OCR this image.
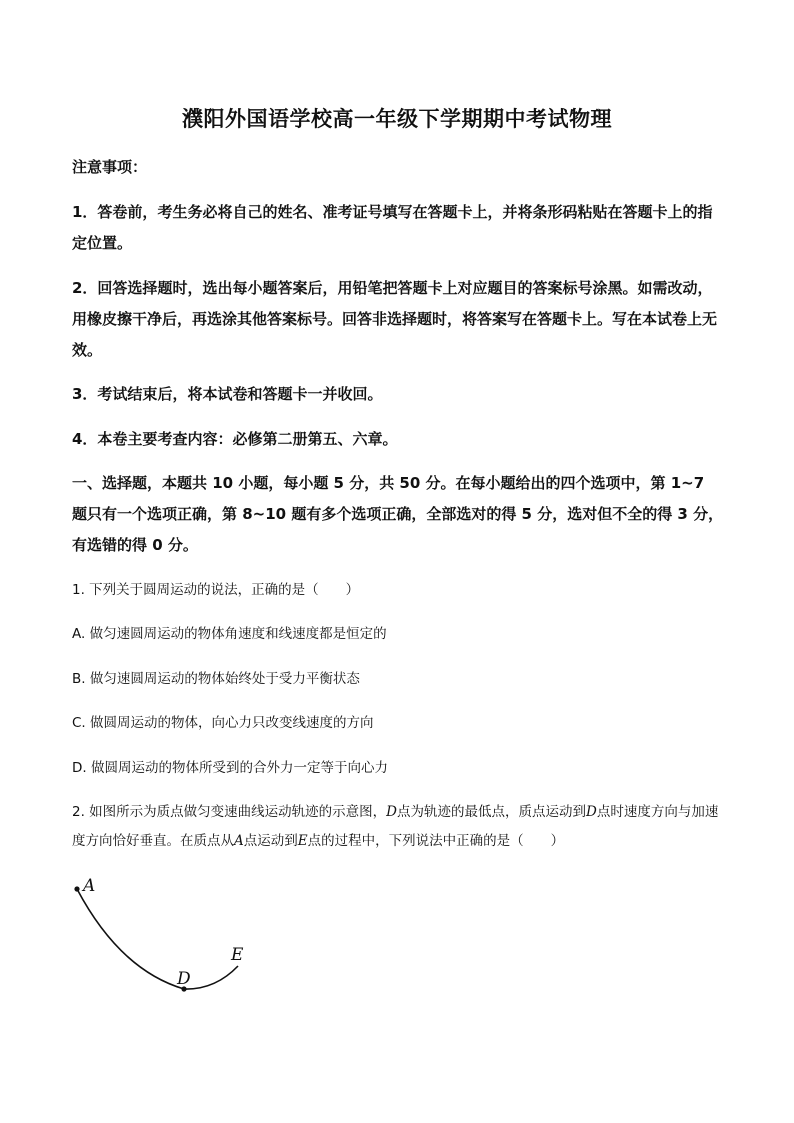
濮阳外国语学校高一年级下学期期中考试物理
注意事项：
1．答卷前，考生务必将自己的姓名、准考证号填写在答题卡上，并将条形码粘贴在答题卡上的指定位置。
2．回答选择题时，选出每小题答案后，用铅笔把答题卡上对应题目的答案标号涂黑。如需改动，用橡皮擦干净后，再选涂其他答案标号。回答非选择题时，将答案写在答题卡上。写在本试卷上无效。
3．考试结束后，将本试卷和答题卡一并收回。
4．本卷主要考查内容：必修第二册第五、六章。
一、选择题，本题共 10 小题，每小题 5 分，共 50 分。在每小题给出的四个选项中，第 1~7 题只有一个选项正确，第 8~10 题有多个选项正确，全部选对的得 5 分，选对但不全的得 3 分，有选错的得 0 分。
1. 下列关于圆周运动的说法，正确的是（　　）
A. 做匀速圆周运动的物体角速度和线速度都是恒定的
B. 做匀速圆周运动的物体始终处于受力平衡状态
C. 做圆周运动的物体，向心力只改变线速度的方向
D. 做圆周运动的物体所受到的合外力一定等于向心力
2. 如图所示为质点做匀变速曲线运动轨迹的示意图，D点为轨迹的最低点，质点运动到D点时速度方向与加速度方向恰好垂直。在质点从A点运动到E点的过程中，下列说法中正确的是（　　）
A
D
E
